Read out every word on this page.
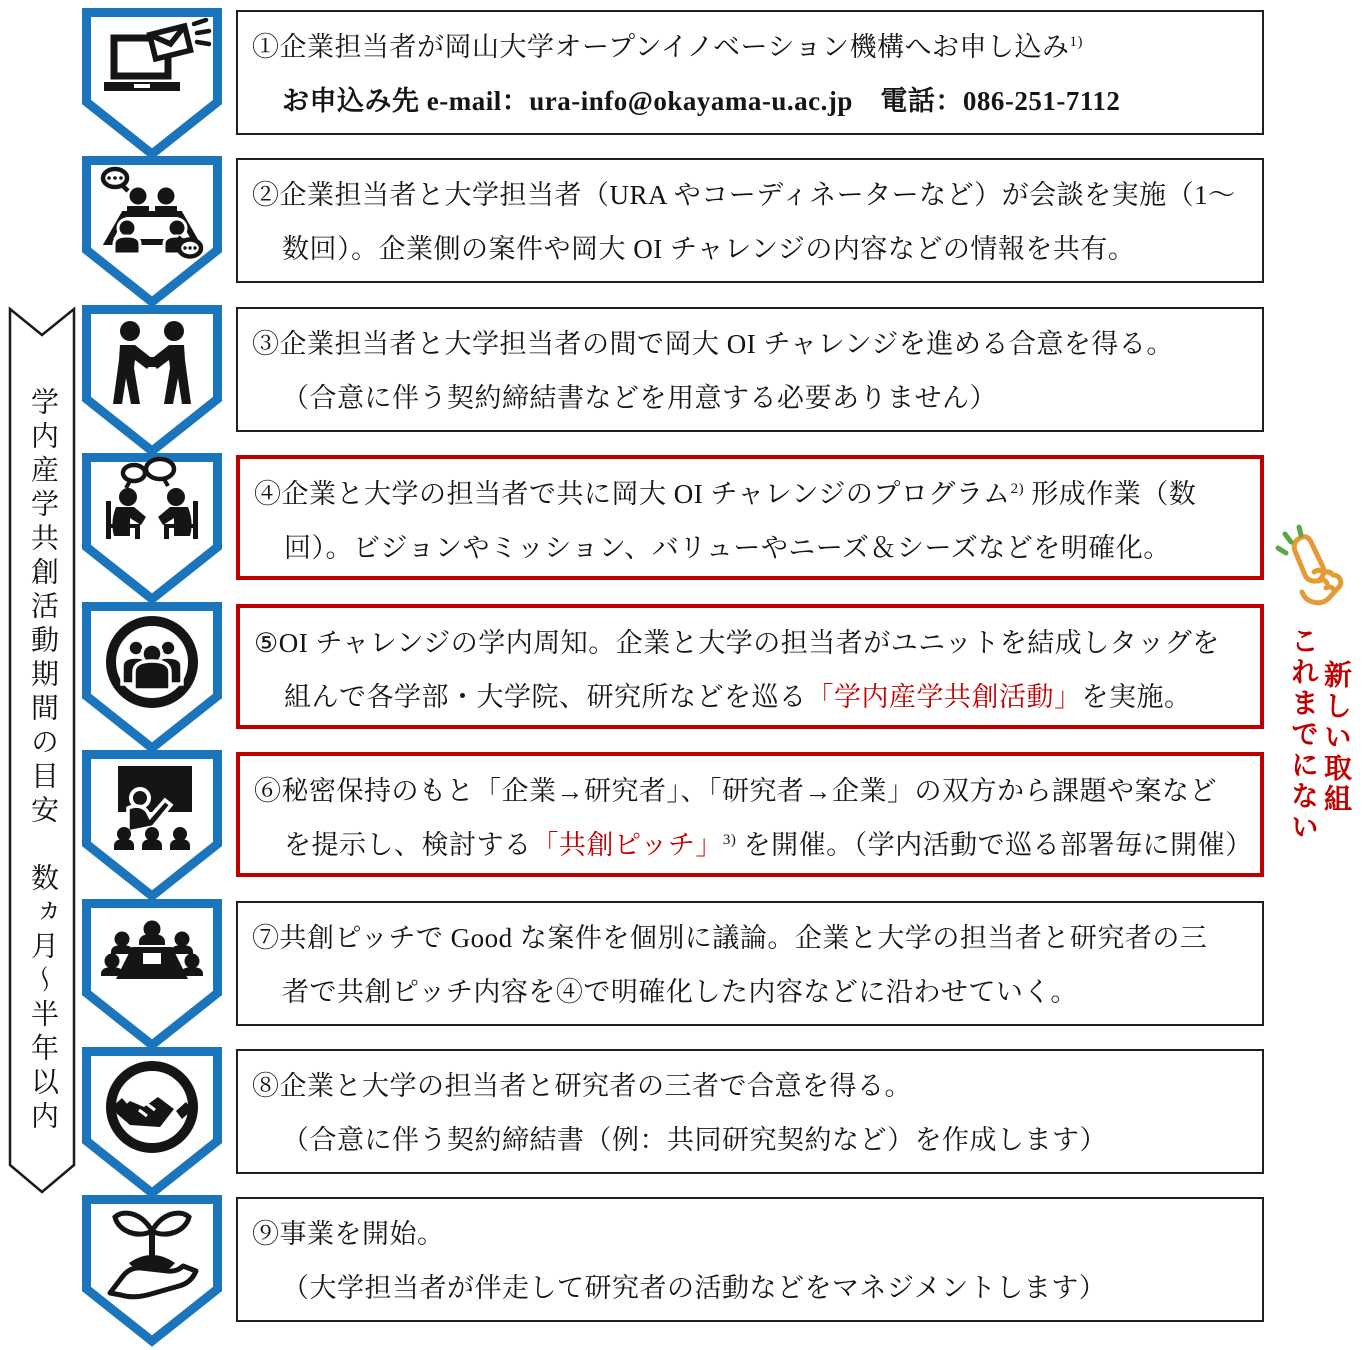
学内産学共創活動期間の目安数ヵ月～半年以内
①企業担当者が岡山大学オープンイノベーション機構へお申し込み$^{1)}$
お申込み先 e-mail：ura-info@okayama-u.ac.jp　電話：086-251-7112
②企業担当者と大学担当者（URA やコーディネーターなど）が会談を実施（1～
数回）。企業側の案件や岡大 OI チャレンジの内容などの情報を共有。
③企業担当者と大学担当者の間で岡大 OI チャレンジを進める合意を得る。
（合意に伴う契約締結書などを用意する必要ありません）
④企業と大学の担当者で共に岡大 OI チャレンジのプログラム$^{2)}$ 形成作業（数
回）。ビジョンやミッション、バリューやニーズ＆シーズなどを明確化。
⑤OI チャレンジの学内周知。企業と大学の担当者がユニットを結成しタッグを
組んで各学部・大学院、研究所などを巡る「学内産学共創活動」を実施。
⑥秘密保持のもと「企業→研究者」、「研究者→企業」の双方から課題や案など
を提示し、検討する「共創ピッチ」$^{3)}$ を開催。（学内活動で巡る部署毎に開催）
⑦共創ピッチで Good な案件を個別に議論。企業と大学の担当者と研究者の三
者で共創ピッチ内容を④で明確化した内容などに沿わせていく。
⑧企業と大学の担当者と研究者の三者で合意を得る。
（合意に伴う契約締結書（例：共同研究契約など）を作成します）
⑨事業を開始。
（大学担当者が伴走して研究者の活動などをマネジメントします）
これまでにない 新しい取組
